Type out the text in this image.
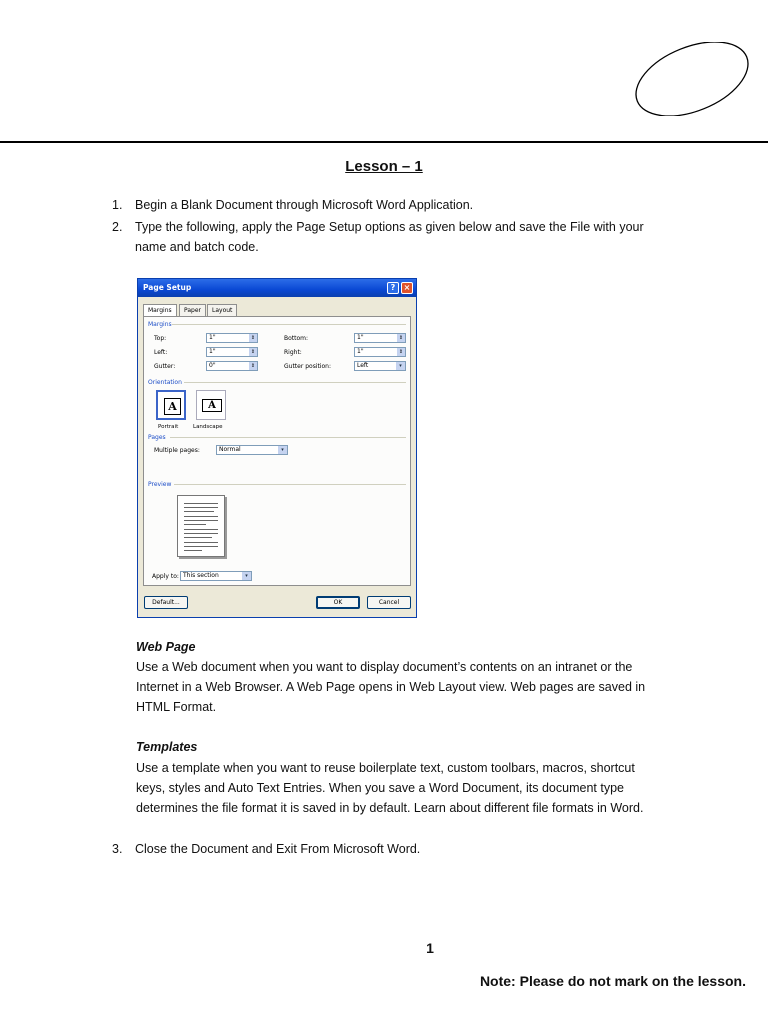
Lesson – 1
1. Begin a Blank Document through Microsoft Word Application.
2. Type the following, apply the Page Setup options as given below and save the File with your name and batch code.
Page Setup	?	×
Margins	Paper	Layout
Margins
Top:	1"	⇕	Bottom:	1"	⇕
Left:	1"	⇕	Right:	1"	⇕
Gutter:	0"	⇕	Gutter position:	Left	▾
Orientation
A	A
Portrait	Landscape
Pages
Multiple pages:	Normal	▾
Preview
Apply to: This section	▾
Default...	OK	Cancel
Web Page
Use a Web document when you want to display document’s contents on an intranet or the
Internet in a Web Browser. A Web Page opens in Web Layout view. Web pages are saved in
HTML Format.
Templates
Use a template when you want to reuse boilerplate text, custom toolbars, macros, shortcut
keys, styles and Auto Text Entries. When you save a Word Document, its document type
determines the file format it is saved in by default. Learn about different file formats in Word.
3. Close the Document and Exit From Microsoft Word.
1
Note: Please do not mark on the lesson.
